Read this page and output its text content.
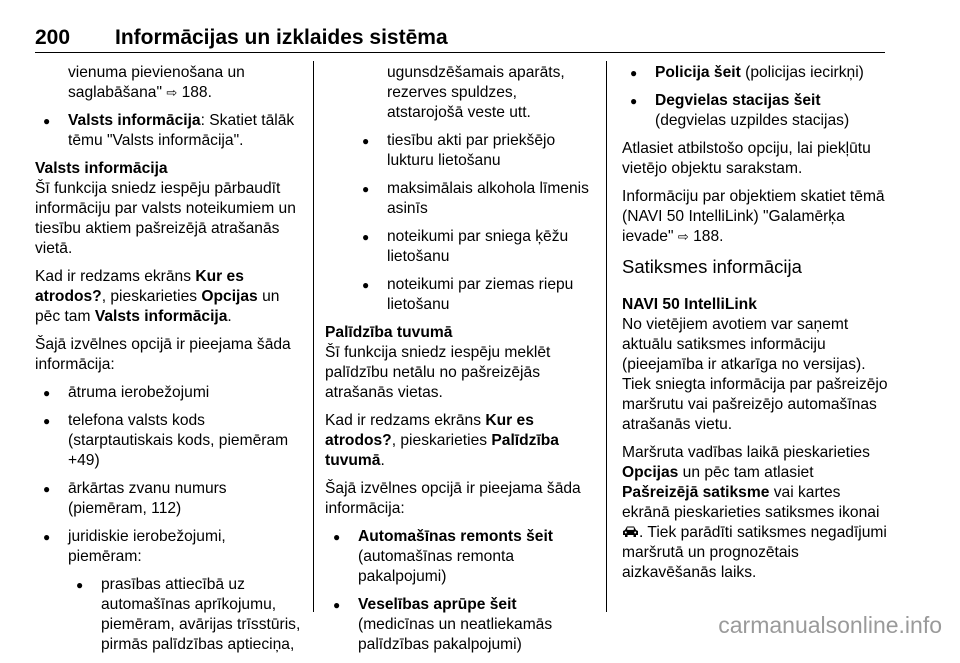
200 Informācijas un izklaides sistēma

vienuma pievienošana un saglabāšana" ⇨ 188.

● Valsts informācija: Skatiet tālāk tēmu "Valsts informācija".

Valsts informācija
Šī funkcija sniedz iespēju pārbaudīt informāciju par valsts noteikumiem un tiesību aktiem pašreizējā atrašanās vietā.

Kad ir redzams ekrāns Kur es atrodos?, pieskarieties Opcijas un pēc tam Valsts informācija.

Šajā izvēlnes opcijā ir pieejama šāda informācija:

● ātruma ierobežojumi
● telefona valsts kods (starptautiskais kods, piemēram +49)
● ārkārtas zvanu numurs (piemēram, 112)
● juridiskie ierobežojumi, piemēram:
● prasības attiecībā uz automašīnas aprīkojumu, piemēram, avārijas trīsstūris, pirmās palīdzības aptieciņa,

ugunsdzēšamais aparāts, rezerves spuldzes, atstarojošā veste utt.

● tiesību akti par priekšējo lukturu lietošanu
● maksimālais alkohola līmenis asinīs
● noteikumi par sniega ķēžu lietošanu
● noteikumi par ziemas riepu lietošanu

Palīdzība tuvumā
Šī funkcija sniedz iespēju meklēt palīdzību netālu no pašreizējās atrašanās vietas.

Kad ir redzams ekrāns Kur es atrodos?, pieskarieties Palīdzība tuvumā.

Šajā izvēlnes opcijā ir pieejama šāda informācija:

● Automašīnas remonts šeit (automašīnas remonta pakalpojumi)
● Veselības aprūpe šeit (medicīnas un neatliekamās palīdzības pakalpojumi)
● Policija šeit (policijas iecirkņi)
● Degvielas stacijas šeit (degvielas uzpildes stacijas)

Atlasiet atbilstošo opciju, lai piekļūtu vietējo objektu sarakstam.

Informāciju par objektiem skatiet tēmā (NAVI 50 IntelliLink) "Galamērķa ievade" ⇨ 188.

Satiksmes informācija

NAVI 50 IntelliLink
No vietējiem avotiem var saņemt aktuālu satiksmes informāciju (pieejamība ir atkarīga no versijas). Tiek sniegta informācija par pašreizējo maršrutu vai pašreizējo automašīnas atrašanās vietu.

Maršruta vadības laikā pieskarieties Opcijas un pēc tam atlasiet Pašreizējā satiksme vai kartes ekrānā pieskarieties satiksmes ikonai . Tiek parādīti satiksmes negadījumi maršrutā un prognozētais aizkavēšanās laiks.

carmanualsonline.info
